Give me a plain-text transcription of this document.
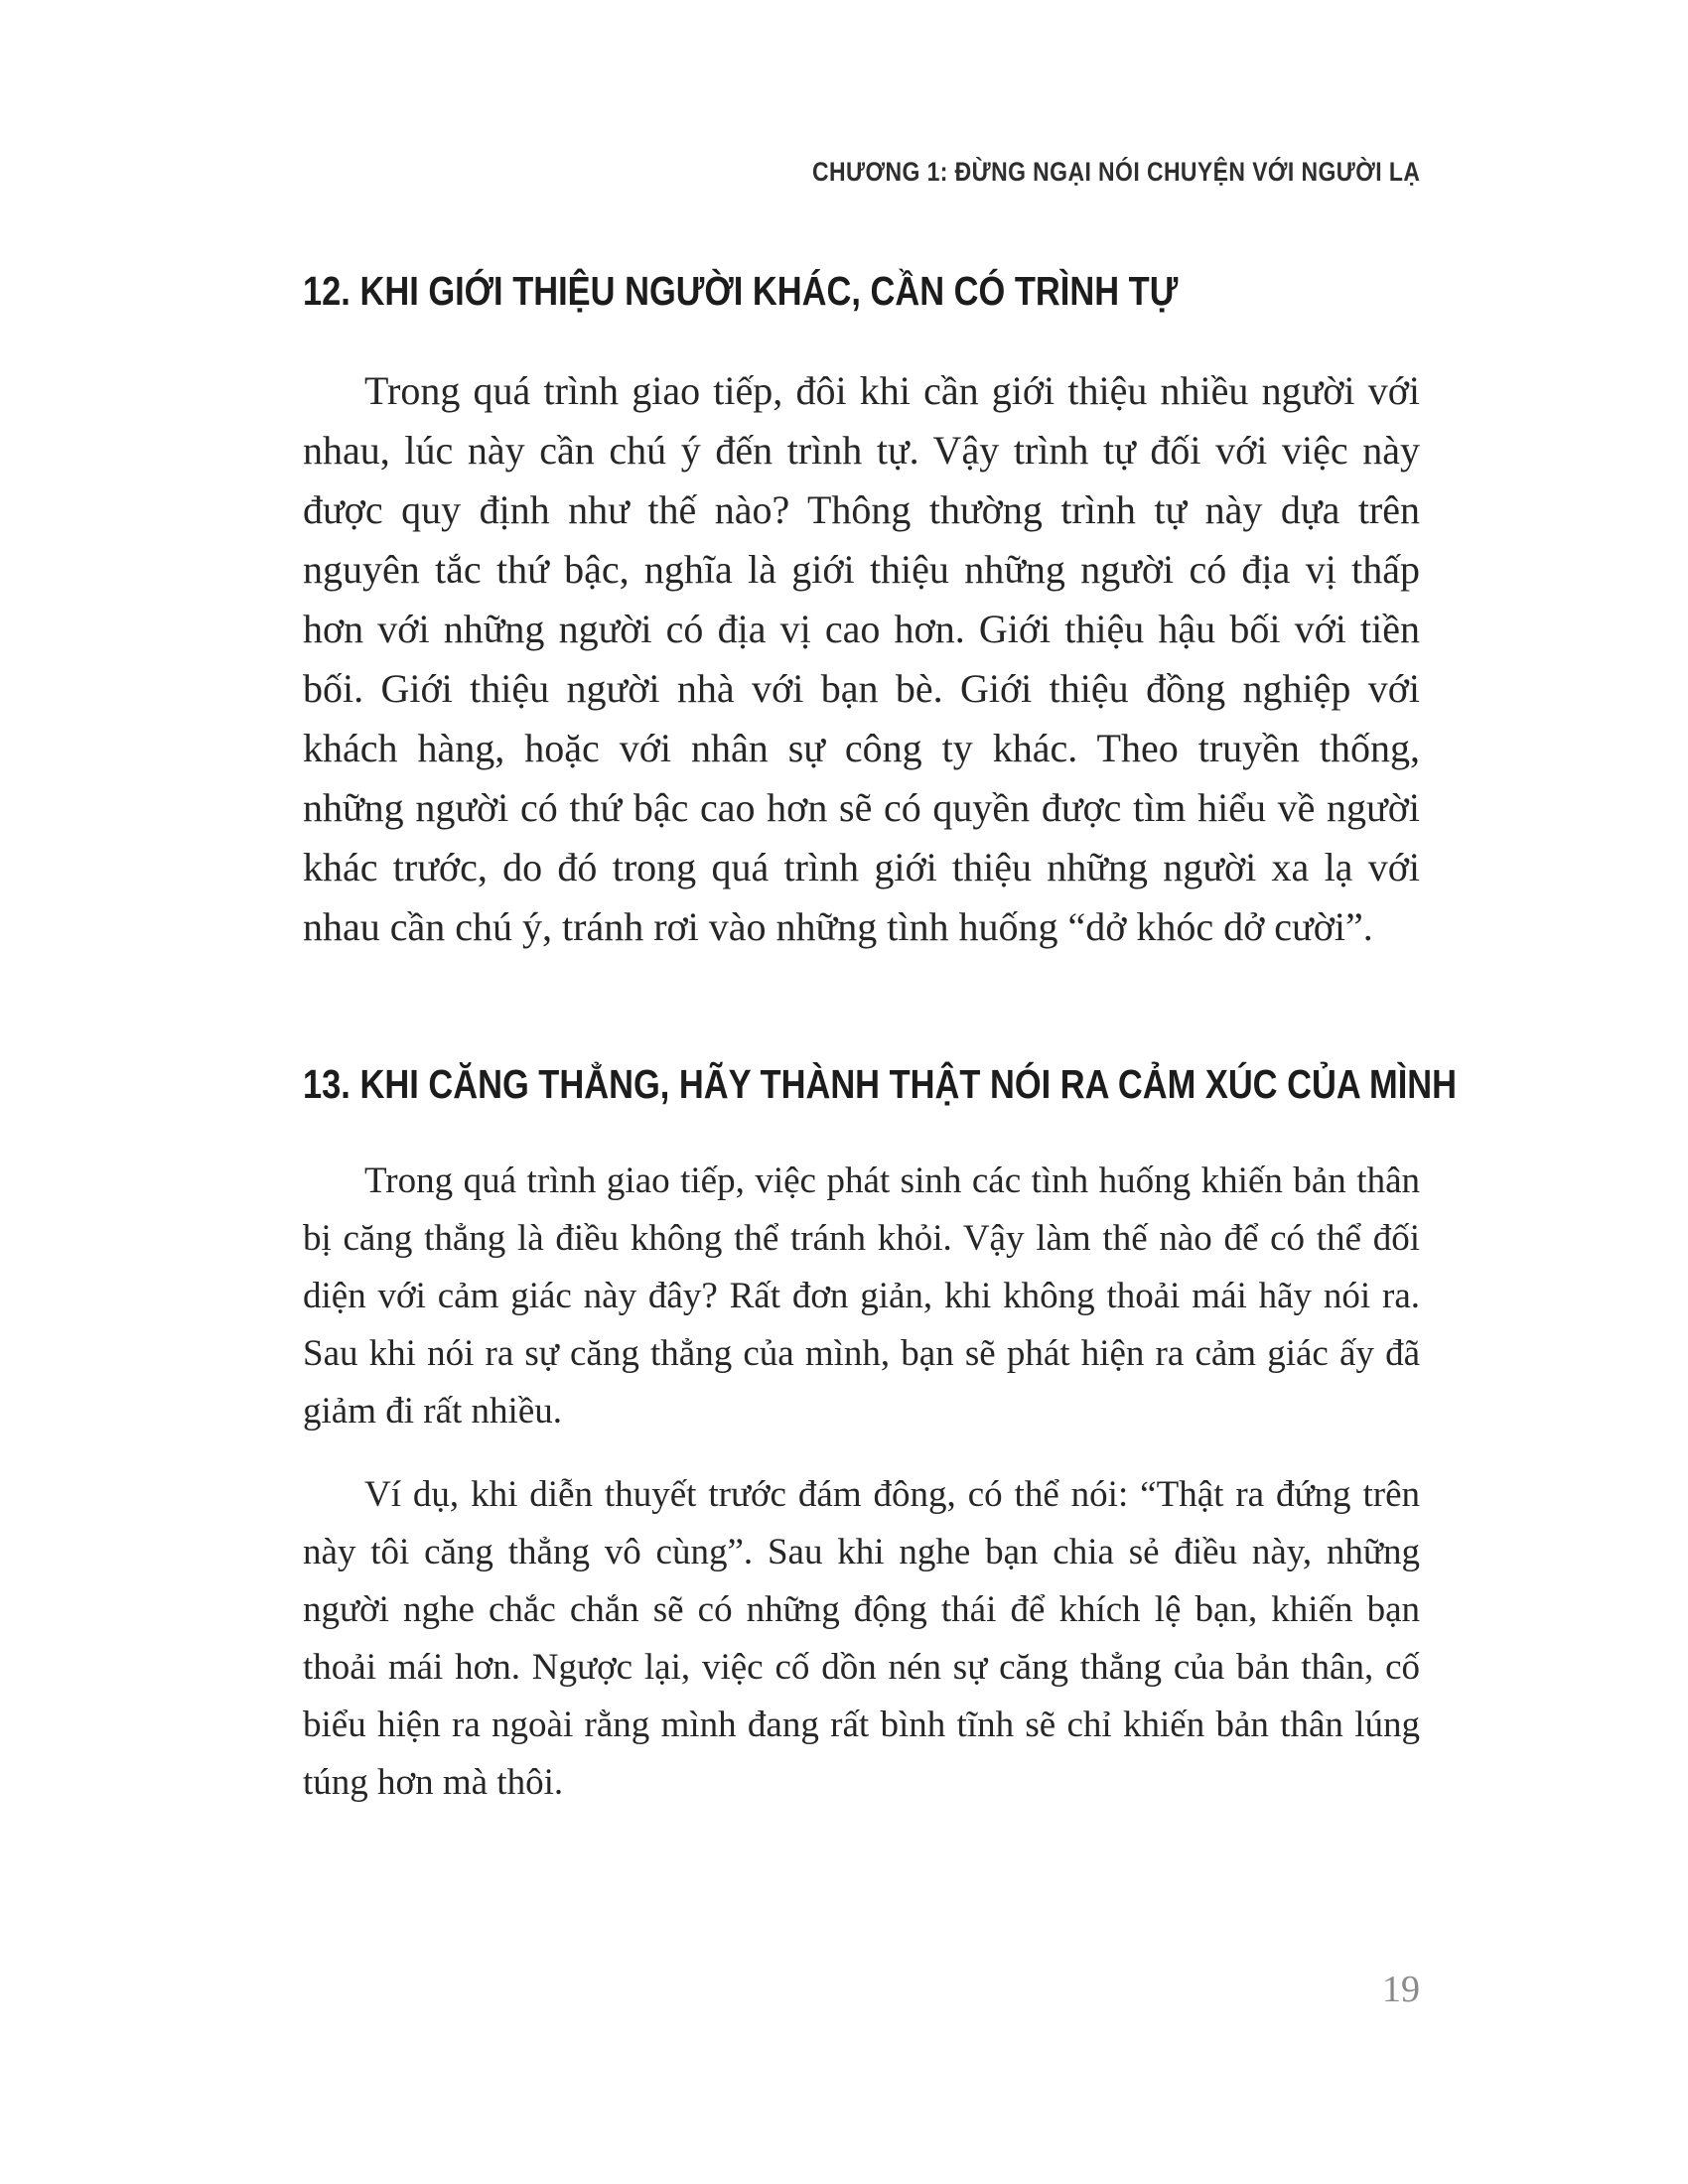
CHƯƠNG 1: ĐỪNG NGẠI NÓI CHUYỆN VỚI NGƯỜI LẠ
12. KHI GIỚI THIỆU NGƯỜI KHÁC, CẦN CÓ TRÌNH TỰ

Trong quá trình giao tiếp, đôi khi cần giới thiệu nhiều người với nhau, lúc này cần chú ý đến trình tự. Vậy trình tự đối với việc này được quy định như thế nào? Thông thường trình tự này dựa trên nguyên tắc thứ bậc, nghĩa là giới thiệu những người có địa vị thấp hơn với những người có địa vị cao hơn. Giới thiệu hậu bối với tiền bối. Giới thiệu người nhà với bạn bè. Giới thiệu đồng nghiệp với khách hàng, hoặc với nhân sự công ty khác. Theo truyền thống, những người có thứ bậc cao hơn sẽ có quyền được tìm hiểu về người khác trước, do đó trong quá trình giới thiệu những người xa lạ với nhau cần chú ý, tránh rơi vào những tình huống “dở khóc dở cười”.

13. KHI CĂNG THẲNG, HÃY THÀNH THẬT NÓI RA CẢM XÚC CỦA MÌNH

Trong quá trình giao tiếp, việc phát sinh các tình huống khiến bản thân bị căng thẳng là điều không thể tránh khỏi. Vậy làm thế nào để có thể đối diện với cảm giác này đây? Rất đơn giản, khi không thoải mái hãy nói ra. Sau khi nói ra sự căng thẳng của mình, bạn sẽ phát hiện ra cảm giác ấy đã giảm đi rất nhiều.

Ví dụ, khi diễn thuyết trước đám đông, có thể nói: “Thật ra đứng trên này tôi căng thẳng vô cùng”. Sau khi nghe bạn chia sẻ điều này, những người nghe chắc chắn sẽ có những động thái để khích lệ bạn, khiến bạn thoải mái hơn. Ngược lại, việc cố dồn nén sự căng thẳng của bản thân, cố biểu hiện ra ngoài rằng mình đang rất bình tĩnh sẽ chỉ khiến bản thân lúng túng hơn mà thôi.

19
